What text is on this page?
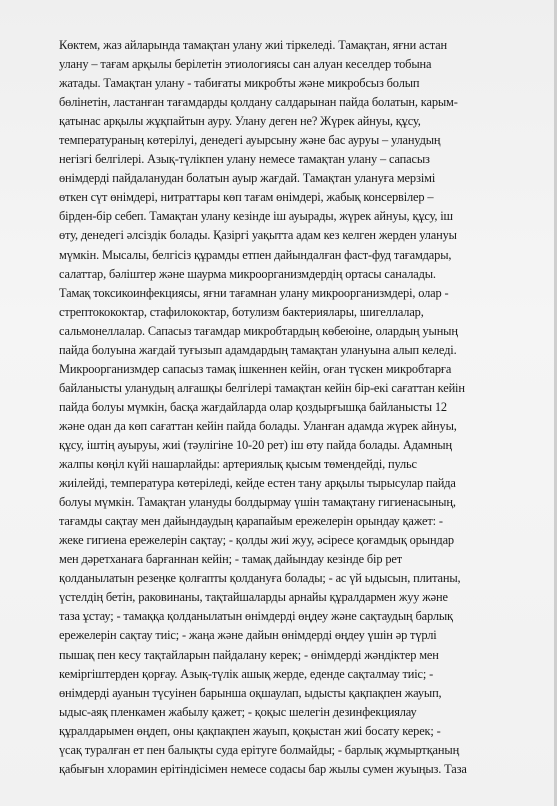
Көктем, жаз айларында тамақтан улану жиі тіркеледі. Тамақтан, яғни астан
улану – тағам арқылы берілетін этиологиясы сан алуан кеселдер тобына
жатады. Тамақтан улану - табиғаты микробты және микробсыз болып
бөлінетін, ластанған тағамдарды қолдану салдарынан пайда болатын, карым-
қатынас арқылы жұқпайтын ауру. Улану деген не? Жүрек айнуы, құсу,
температураның көтерілуі, денедегі ауырсыну және бас ауруы – уланудың
негізгі белгілері. Азық-түлікпен улану немесе тамақтан улану – сапасыз
өнімдерді пайдаланудан болатын ауыр жағдай. Тамақтан улануға мерзімі
өткен сүт өнімдері, нитраттары көп тағам өнімдері, жабық консервілер –
бірден-бір себеп. Тамақтан улану кезінде іш ауырады, жүрек айнуы, құсу, іш
өту, денедегі әлсіздік болады. Қазіргі уақытта адам кез келген жерден улануы
мүмкін. Мысалы, белгісіз құрамды етпен дайындалған фаст-фуд тағамдары,
салаттар, бәліштер және шаурма микроорганизмдердің ортасы саналады.
Тамақ токсикоинфекциясы, яғни тағамнан улану микроорганизмдері, олар -
стрептокококтар, стафилококтар, ботулизм бактериялары, шигеллалар,
сальмонеллалар. Сапасыз тағамдар микробтардың көбеюіне, олардың уының
пайда болуына жағдай туғызып адамдардың тамақтан улануына алып келеді.
Микроорганизмдер сапасыз тамақ ішкеннен кейін, оған түскен микробтарға
байланысты уланудың алғашқы белгілері тамақтан кейін бір-екі сағаттан кейін
пайда болуы мүмкін, басқа жағдайларда олар қоздырғышқа байланысты 12
және одан да көп сағаттан кейін пайда болады. Уланған адамда жүрек айнуы,
құсу, іштің ауыруы, жиі (тәулігіне 10-20 рет) іш өту пайда болады. Адамның
жалпы көңіл күйі нашарлайды: артериялық қысым төмендейді, пульс
жиілейді, температура көтеріледі, кейде естен тану арқылы тырысулар пайда
болуы мүмкін. Тамақтан улануды болдырмау үшін тамақтану гигиенасының,
тағамды сақтау мен дайындаудың қарапайым ережелерін орындау қажет: -
жеке гигиена ережелерін сақтау; - қолды жиі жуу, әсіресе қоғамдық орындар
мен дәретханаға барғаннан кейін; - тамақ дайындау кезінде бір рет
қолданылатын резеңке қолғапты қолдануға болады; - ас үй ыдысын, плитаны,
үстелдің бетін, раковинаны, тақтайшаларды арнайы құралдармен жуу және
таза ұстау; - тамаққа қолданылатын өнімдерді өңдеу және сақтаудың барлық
ережелерін сақтау тиіс; - жаңа және дайын өнімдерді өңдеу үшін әр түрлі
пышақ пен кесу тақтайларын пайдалану керек; - өнімдерді жәндіктер мен
кеміргіштерден қорғау. Азық-түлік ашық жерде, еденде сақталмау тиіс; -
өнімдерді ауанын түсуінен барынша оқшаулап, ыдысты қақпақпен жауып,
ыдыс-аяқ пленкамен жабылу қажет; - қоқыс шелегін дезинфекциялау
құралдарымен өңдеп, оны қақпақпен жауып, қоқыстан жиі босату керек; -
үсақ туралған ет пен балықты суда ерітуге болмайды; - барлық жұмыртқаның
қабығын хлорамин ерітіндісімен немесе содасы бар жылы сумен жуыңыз. Таза
